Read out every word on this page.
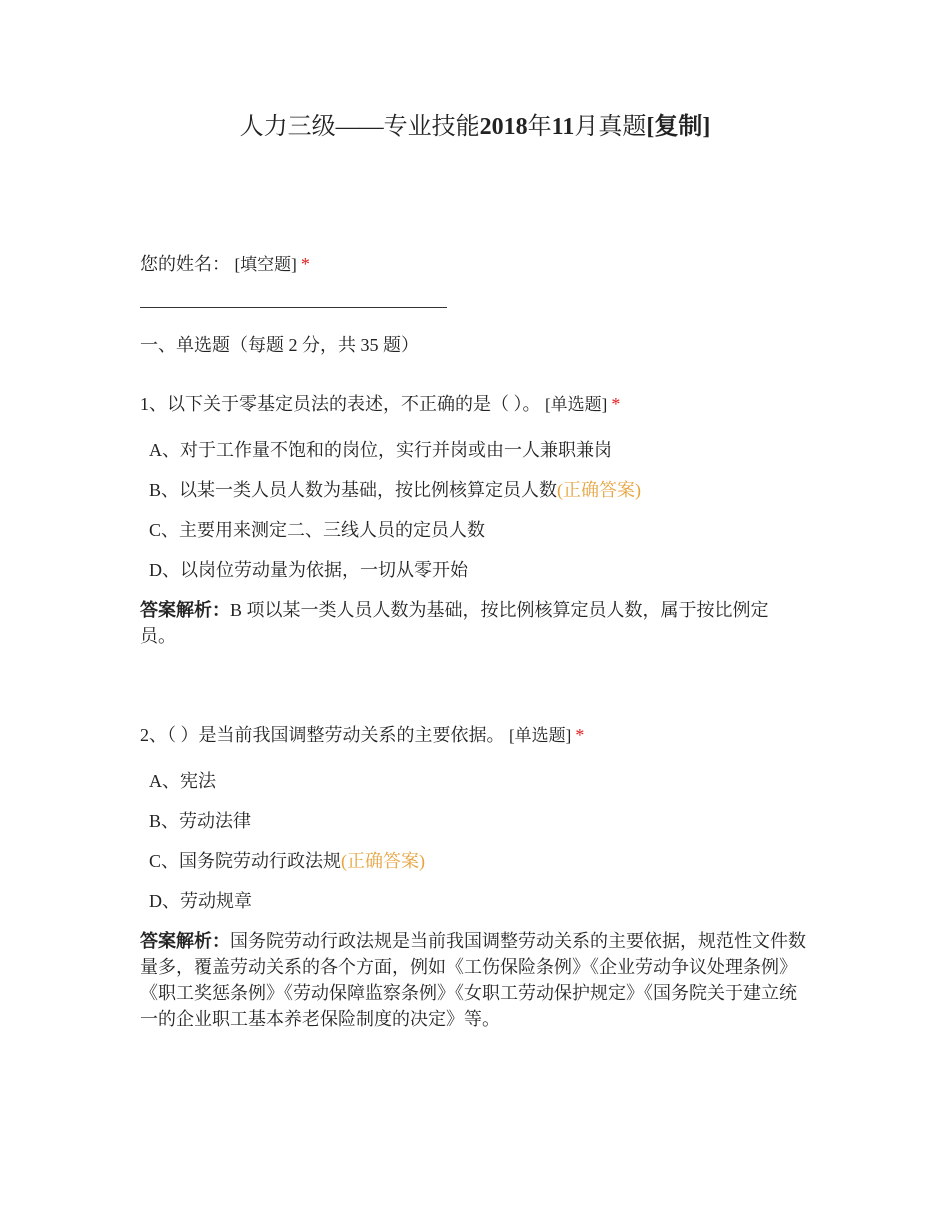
人力三级——专业技能2018年11月真题[复制]
您的姓名： [填空题] *
一、单选题（每题 2 分，共 35 题）
1、以下关于零基定员法的表述，不正确的是（ ）。 [单选题] *
A、对于工作量不饱和的岗位，实行并岗或由一人兼职兼岗
B、以某一类人员人数为基础，按比例核算定员人数(正确答案)
C、主要用来测定二、三线人员的定员人数
D、以岗位劳动量为依据，一切从零开始
答案解析：B 项以某一类人员人数为基础，按比例核算定员人数，属于按比例定员。
2、（ ）是当前我国调整劳动关系的主要依据。 [单选题] *
A、宪法
B、劳动法律
C、国务院劳动行政法规(正确答案)
D、劳动规章
答案解析：国务院劳动行政法规是当前我国调整劳动关系的主要依据，规范性文件数量多，覆盖劳动关系的各个方面，例如《工伤保险条例》《企业劳动争议处理条例》《职工奖惩条例》《劳动保障监察条例》《女职工劳动保护规定》《国务院关于建立统一的企业职工基本养老保险制度的决定》等。
